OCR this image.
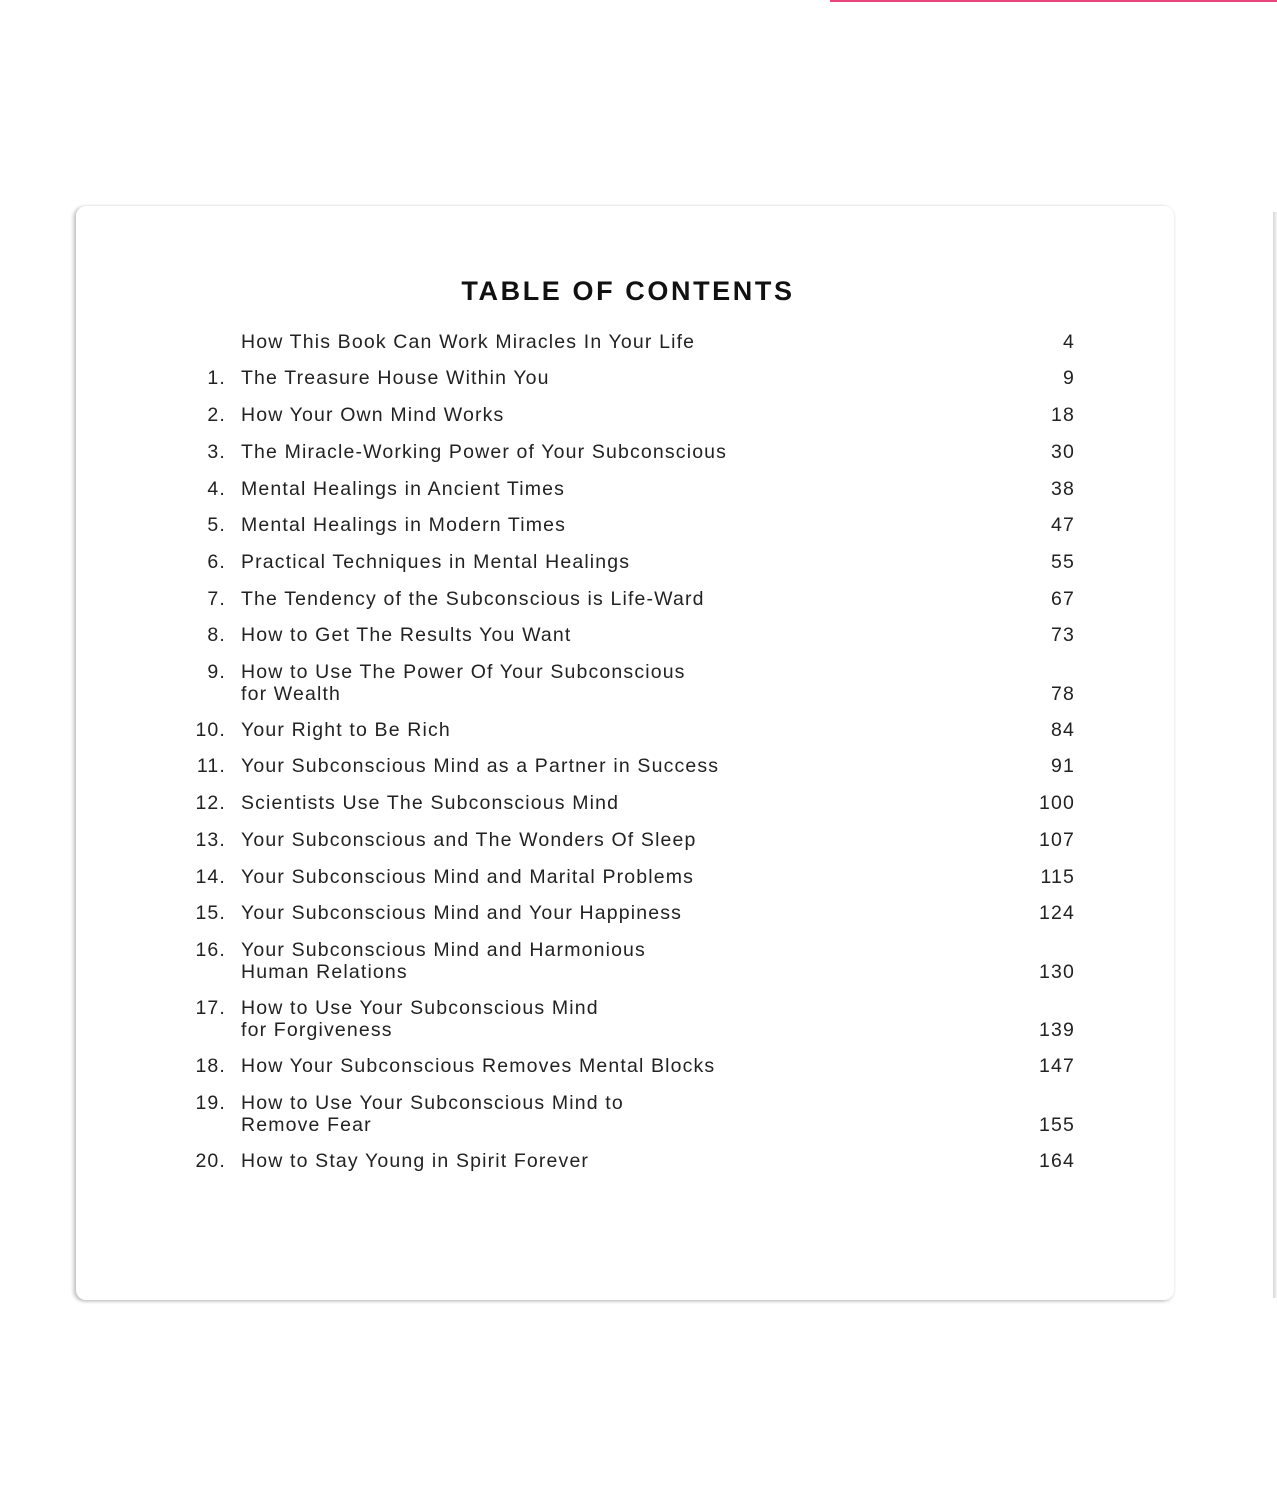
TABLE OF CONTENTS
How This Book Can Work Miracles In Your Life	4
1. The Treasure House Within You	9
2. How Your Own Mind Works	18
3. The Miracle-Working Power of Your Subconscious	30
4. Mental Healings in Ancient Times	38
5. Mental Healings in Modern Times	47
6. Practical Techniques in Mental Healings	55
7. The Tendency of the Subconscious is Life-Ward	67
8. How to Get The Results You Want	73
9. How to Use The Power Of Your Subconscious
for Wealth	78
10. Your Right to Be Rich	84
11. Your Subconscious Mind as a Partner in Success	91
12. Scientists Use The Subconscious Mind	100
13. Your Subconscious and The Wonders Of Sleep	107
14. Your Subconscious Mind and Marital Problems	115
15. Your Subconscious Mind and Your Happiness	124
16. Your Subconscious Mind and Harmonious
Human Relations	130
17. How to Use Your Subconscious Mind
for Forgiveness	139
18. How Your Subconscious Removes Mental Blocks	147
19. How to Use Your Subconscious Mind to
Remove Fear	155
20. How to Stay Young in Spirit Forever	164
